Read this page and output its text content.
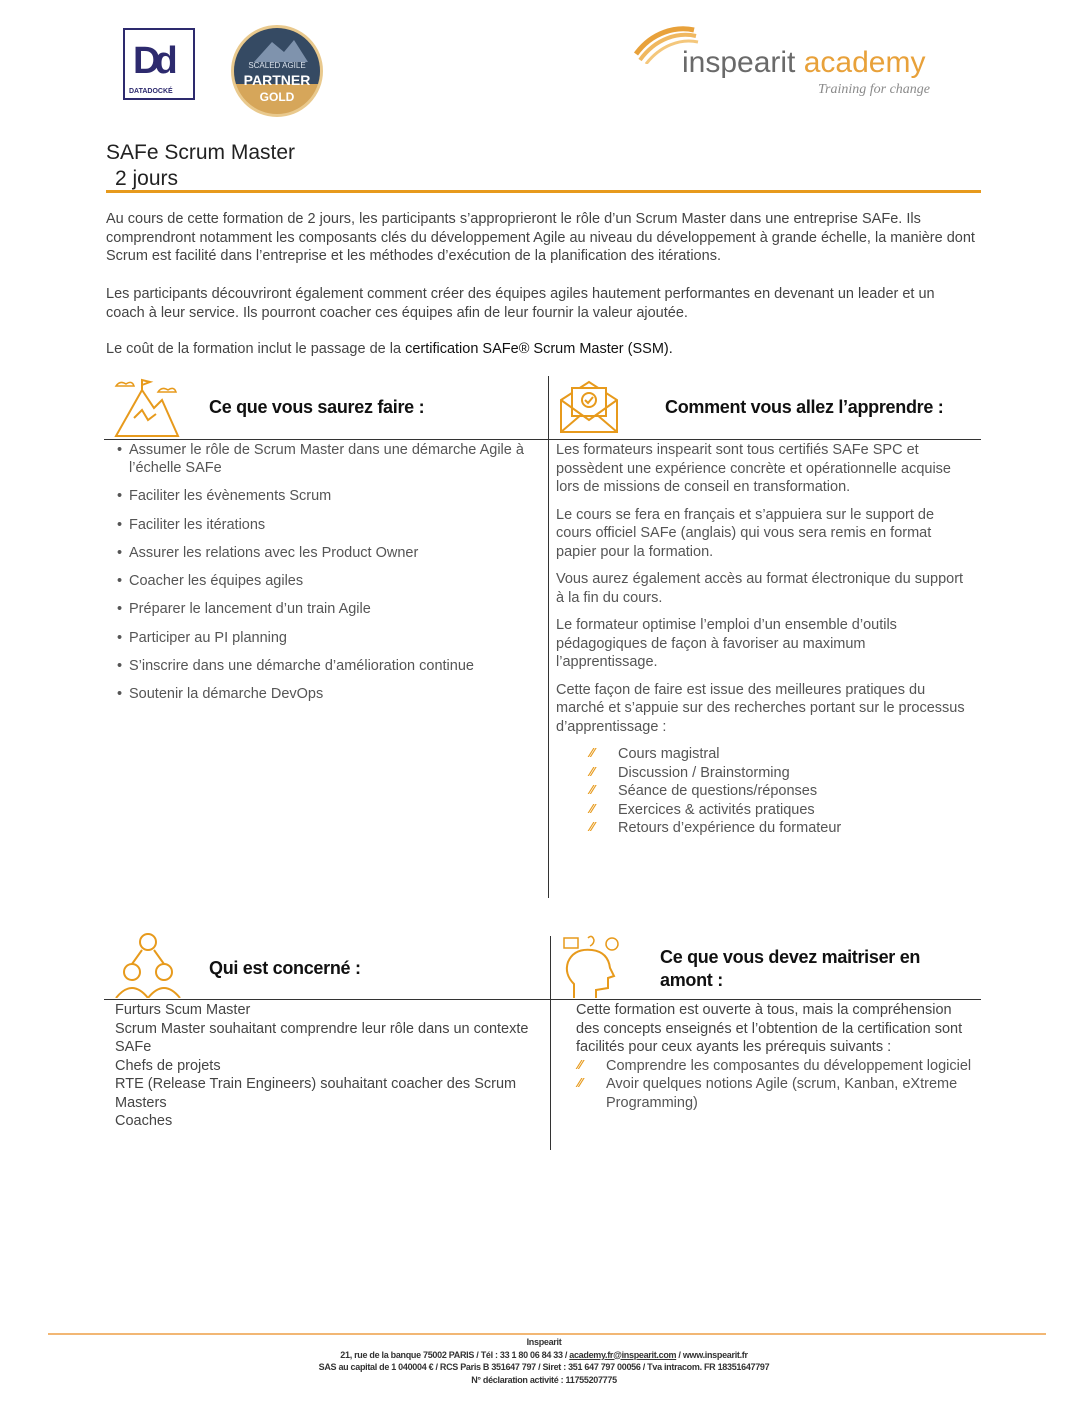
Dd
DATADOCKÉ
SCALED AGILE
PARTNER
GOLD
inspearit academy
Training for change
SAFe Scrum Master
2 jours
Au cours de cette formation de 2 jours, les participants s’approprieront le rôle d’un Scrum Master dans une entreprise SAFe. Ils comprendront notamment les composants clés du développement Agile au niveau du développement à grande échelle, la manière dont Scrum est facilité dans l’entreprise et les méthodes d’exécution de la planification des itérations.
Les participants découvriront également comment créer des équipes agiles hautement performantes en devenant un leader et un coach à leur service. Ils pourront coacher ces équipes afin de leur fournir la valeur ajoutée.
Le coût de la formation inclut le passage de la certification SAFe® Scrum Master (SSM).
Ce que vous saurez faire :	Comment vous allez l’apprendre :
• Assumer le rôle de Scrum Master dans une démarche Agile à l’échelle SAFe
• Faciliter les évènements Scrum
• Faciliter les itérations
• Assurer les relations avec les Product Owner
• Coacher les équipes agiles
• Préparer le lancement d’un train Agile
• Participer au PI planning
• S’inscrire dans une démarche d’amélioration continue
• Soutenir la démarche DevOps

Les formateurs inspearit sont tous certifiés SAFe SPC et possèdent une expérience concrète et opérationnelle acquise lors de missions de conseil en transformation.

Le cours se fera en français et s’appuiera sur le support de cours officiel SAFe (anglais) qui vous sera remis en format papier pour la formation.

Vous aurez également accès au format électronique du support à la fin du cours.

Le formateur optimise l’emploi d’un ensemble d’outils pédagogiques de façon à favoriser au maximum l’apprentissage.

Cette façon de faire est issue des meilleures pratiques du marché et s’appuie sur des recherches portant sur le processus d’apprentissage :

⁄⁄ Cours magistral
⁄⁄ Discussion / Brainstorming
⁄⁄ Séance de questions/réponses
⁄⁄ Exercices & activités pratiques
⁄⁄ Retours d’expérience du formateur
Qui est concerné :
Ce que vous devez maitriser en
amont :
Furturs Scum Master
Scrum Master souhaitant comprendre leur rôle dans un contexte SAFe
Chefs de projets
RTE (Release Train Engineers) souhaitant coacher des Scrum Masters
Coaches
Cette formation est ouverte à tous, mais la compréhension des concepts enseignés et l’obtention de la certification sont facilités pour ceux ayants les prérequis suivants :
⁄⁄ Comprendre les composantes du développement logiciel
⁄⁄ Avoir quelques notions Agile (scrum, Kanban, eXtreme Programming)
Inspearit
21, rue de la banque 75002 PARIS / Tél : 33 1 80 06 84 33 / academy.fr@inspearit.com / www.inspearit.fr
SAS au capital de 1 040004 € / RCS Paris B 351647 797 / Siret : 351 647 797 00056 / Tva intracom. FR 18351647797
N° déclaration activité : 11755207775
